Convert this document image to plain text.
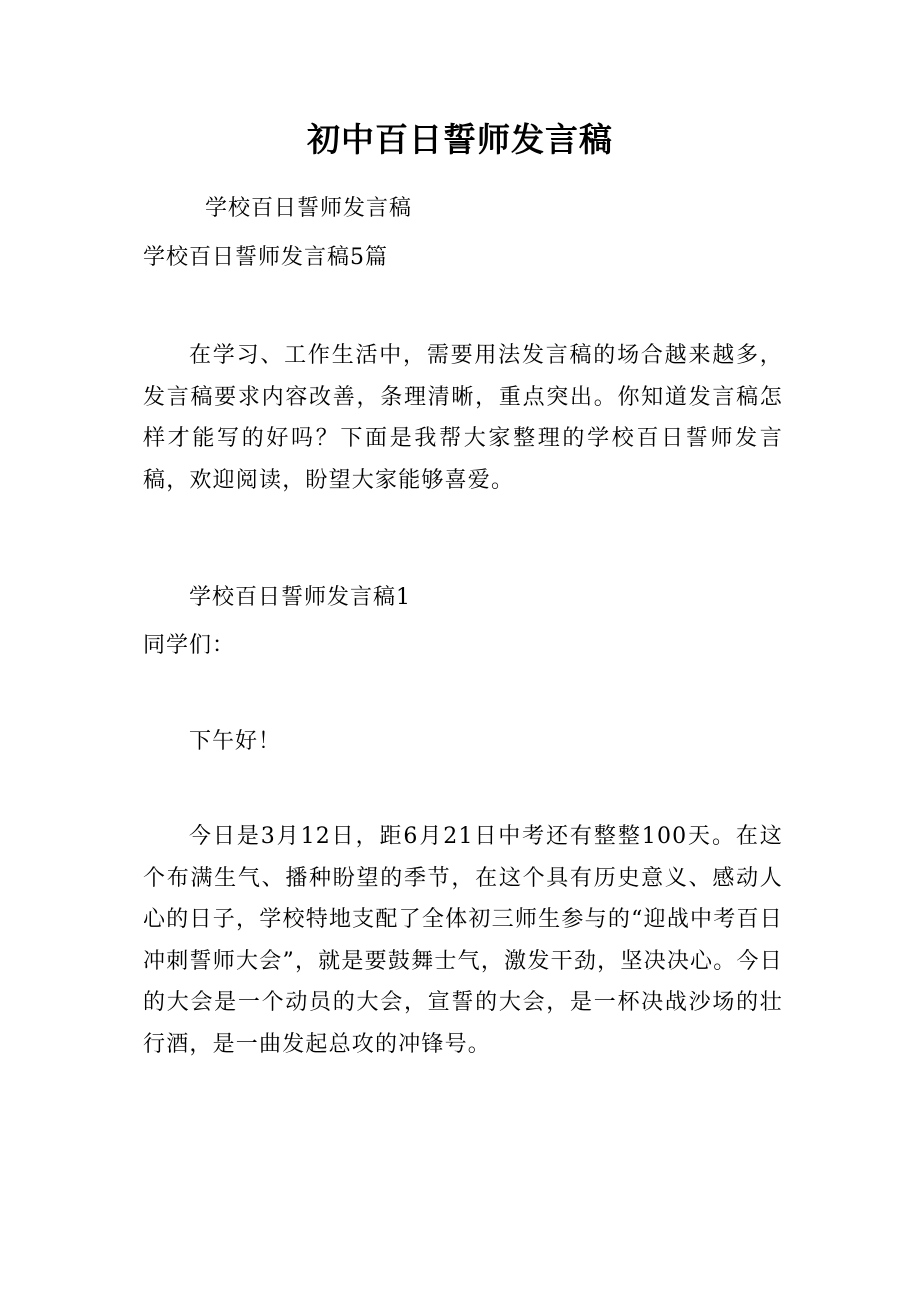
初中百日誓师发言稿
学校百日誓师发言稿
学校百日誓师发言稿5篇
在学习、工作生活中，需要用法发言稿的场合越来越多，发言稿要求内容改善，条理清晰，重点突出。你知道发言稿怎样才能写的好吗？下面是我帮大家整理的学校百日誓师发言稿，欢迎阅读，盼望大家能够喜爱。
学校百日誓师发言稿1
同学们：
下午好！
今日是3月12日，距6月21日中考还有整整100天。在这个布满生气、播种盼望的季节，在这个具有历史意义、感动人心的日子，学校特地支配了全体初三师生参与的“迎战中考百日冲刺誓师大会”，就是要鼓舞士气，激发干劲，坚决决心。今日的大会是一个动员的大会，宣誓的大会，是一杯决战沙场的壮行酒，是一曲发起总攻的冲锋号。
